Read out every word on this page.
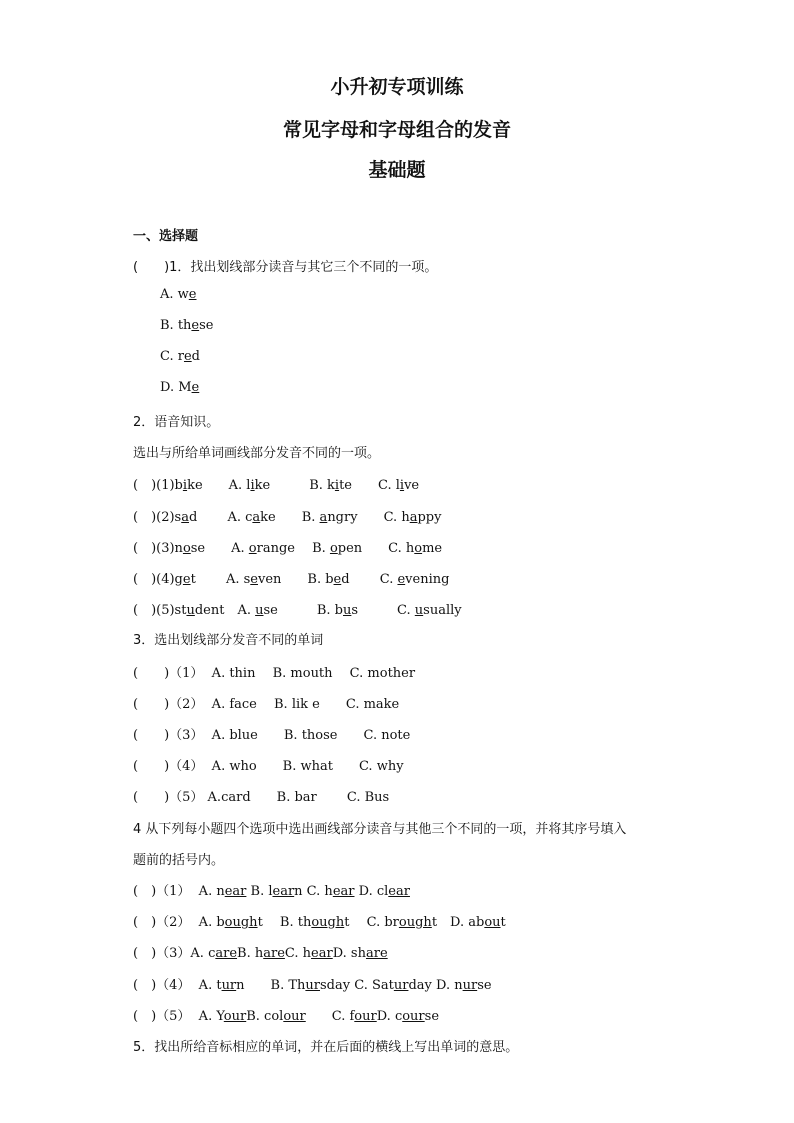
小升初专项训练
常见字母和字母组合的发音
基础题
一、选择题
(　　)1．找出划线部分读音与其它三个不同的一项。
A. we
B. these
C. red
D. Me
2．语音知识。
选出与所给单词画线部分发音不同的一项。
(　)(1)bike　　A. like　　　B. kite　　C. live
(　)(2)sad　　 A. cake　　B. angry　　C. happy
(　)(3)nose　　A. orange　 B. open　　C. home
(　)(4)get　　 A. seven　　B. bed　　 C. evening
(　)(5)student　A. use　　　B. bus　　　C. usually
3．选出划线部分发音不同的单词
(　　)（1）  A. thin　 B. mouth　 C. mother
(　　)（2）  A. face　 B. lik e　　C. make
(　　)（3）  A. blue　　B. those　　C. note
(　　)（4）  A. who　　B. what　　C. why
(　　)（5） A.card　　B. bar　　 C. Bus
4 从下列每小题四个选项中选出画线部分读音与其他三个不同的一项，并将其序号填入
题前的括号内。
(　)（1）  A. near B. learn C. hear D. clear
(　)（2）  A. bought　 B. thought　 C. brought　D. about
(　)（3）A. careB. hareC. hearD. share
(　)（4）  A. turn　　B. Thursday C. Saturday D. nurse
(　)（5）  A. YourB. colour　　C. fourD. course
5．找出所给音标相应的单词，并在后面的横线上写出单词的意思。
